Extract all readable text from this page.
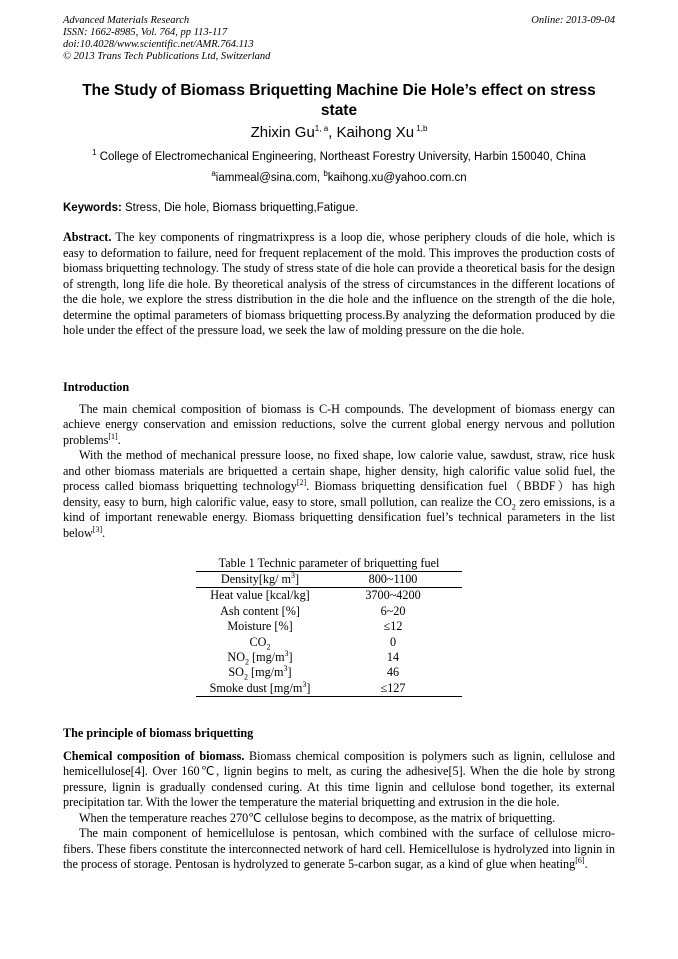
Advanced Materials Research
ISSN: 1662-8985, Vol. 764, pp 113-117
doi:10.4028/www.scientific.net/AMR.764.113
© 2013 Trans Tech Publications Ltd, Switzerland
Online: 2013-09-04
The Study of Biomass Briquetting Machine Die Hole’s effect on stress state
Zhixin Gu$^{1, a}$, Kaihong Xu $^{1,b}$
$^1$ College of Electromechanical Engineering, Northeast Forestry University, Harbin 150040, China
$^a$iammeal@sina.com, $^b$kaihong.xu@yahoo.com.cn
Keywords: Stress, Die hole, Biomass briquetting,Fatigue.

Abstract. The key components of ringmatrixpress is a loop die, whose periphery clouds of die hole, which is easy to deformation to failure, need for frequent replacement of the mold. This improves the production costs of biomass briquetting technology. The study of stress state of die hole can provide a theoretical basis for the design of strength, long life die hole. By theoretical analysis of the stress of circumstances in the different locations of the die hole, we explore the stress distribution in the die hole and the influence on the strength of the die hole, determine the optimal parameters of biomass briquetting process.By analyzing the deformation produced by die hole under the effect of the pressure load, we seek the law of molding pressure on the die hole.

Introduction

The main chemical composition of biomass is C-H compounds. The development of biomass energy can achieve energy conservation and emission reductions, solve the current global energy nervous and pollution problems[1].

With the method of mechanical pressure loose, no fixed shape, low calorie value, sawdust, straw, rice husk and other biomass materials are briquetted a certain shape, higher density, high calorific value solid fuel, the process called biomass briquetting technology[2]. Biomass briquetting densification fuel（BBDF）has high density, easy to burn, high calorific value, easy to store, small pollution, can realize the $CO_2$ zero emissions, is a kind of important renewable energy. Biomass briquetting densification fuel’s technical parameters in the list below[3].

Table 1 Technic parameter of briquetting fuel
Density[kg/ $m^3$]	800~1100
Heat value [kcal/kg]	3700~4200
Ash content [%]	6~20
Moisture [%]	≤12
$CO_2$	0
$NO_2$ $[mg/m^3]$	14
$SO_2$ $[mg/m^3]$	46
Smoke dust $[mg/m^3]$	≤127

The principle of biomass briquetting

Chemical composition of biomass. Biomass chemical composition is polymers such as lignin, cellulose and hemicellulose[4]. Over 160℃, lignin begins to melt, as curing the adhesive[5]. When the die hole by strong pressure, lignin is gradually condensed curing. At this time lignin and cellulose bond together, its external precipitation tar. With the lower the temperature the material briquetting and extrusion in the die hole.

When the temperature reaches 270℃ cellulose begins to decompose, as the matrix of briquetting.

The main component of hemicellulose is pentosan, which combined with the surface of cellulose micro-fibers. These fibers constitute the interconnected network of hard cell. Hemicellulose is hydrolyzed into lignin in the process of storage. Pentosan is hydrolyzed to generate 5-carbon sugar, as a kind of glue when heating[6].
